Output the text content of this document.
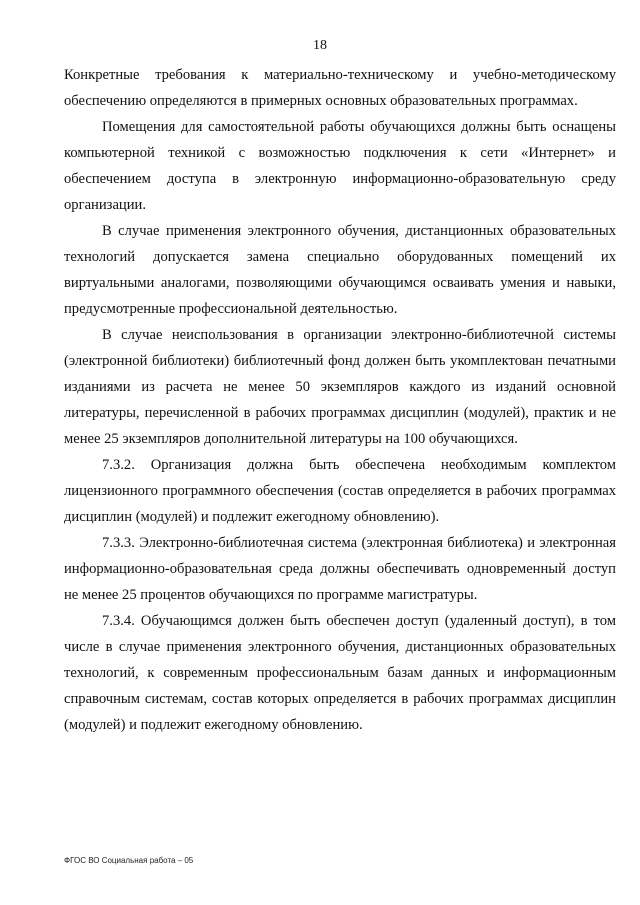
18

Конкретные требования к материально-техническому и учебно-методическому обеспечению определяются в примерных основных образовательных программах.

Помещения для самостоятельной работы обучающихся должны быть оснащены компьютерной техникой с возможностью подключения к сети «Интернет» и обеспечением доступа в электронную информационно-образовательную среду организации.

В случае применения электронного обучения, дистанционных образовательных технологий допускается замена специально оборудованных помещений их виртуальными аналогами, позволяющими обучающимся осваивать умения и навыки, предусмотренные профессиональной деятельностью.

В случае неиспользования в организации электронно-библиотечной системы (электронной библиотеки) библиотечный фонд должен быть укомплектован печатными изданиями из расчета не менее 50 экземпляров каждого из изданий основной литературы, перечисленной в рабочих программах дисциплин (модулей), практик и не менее 25 экземпляров дополнительной литературы на 100 обучающихся.

7.3.2. Организация должна быть обеспечена необходимым комплектом лицензионного программного обеспечения (состав определяется в рабочих программах дисциплин (модулей) и подлежит ежегодному обновлению).

7.3.3. Электронно-библиотечная система (электронная библиотека) и электронная информационно-образовательная среда должны обеспечивать одновременный доступ не менее 25 процентов обучающихся по программе магистратуры.

7.3.4. Обучающимся должен быть обеспечен доступ (удаленный доступ), в том числе в случае применения электронного обучения, дистанционных образовательных технологий, к современным профессиональным базам данных и информационным справочным системам, состав которых определяется в рабочих программах дисциплин (модулей) и подлежит ежегодному обновлению.

ФГОС ВО Социальная работа – 05
